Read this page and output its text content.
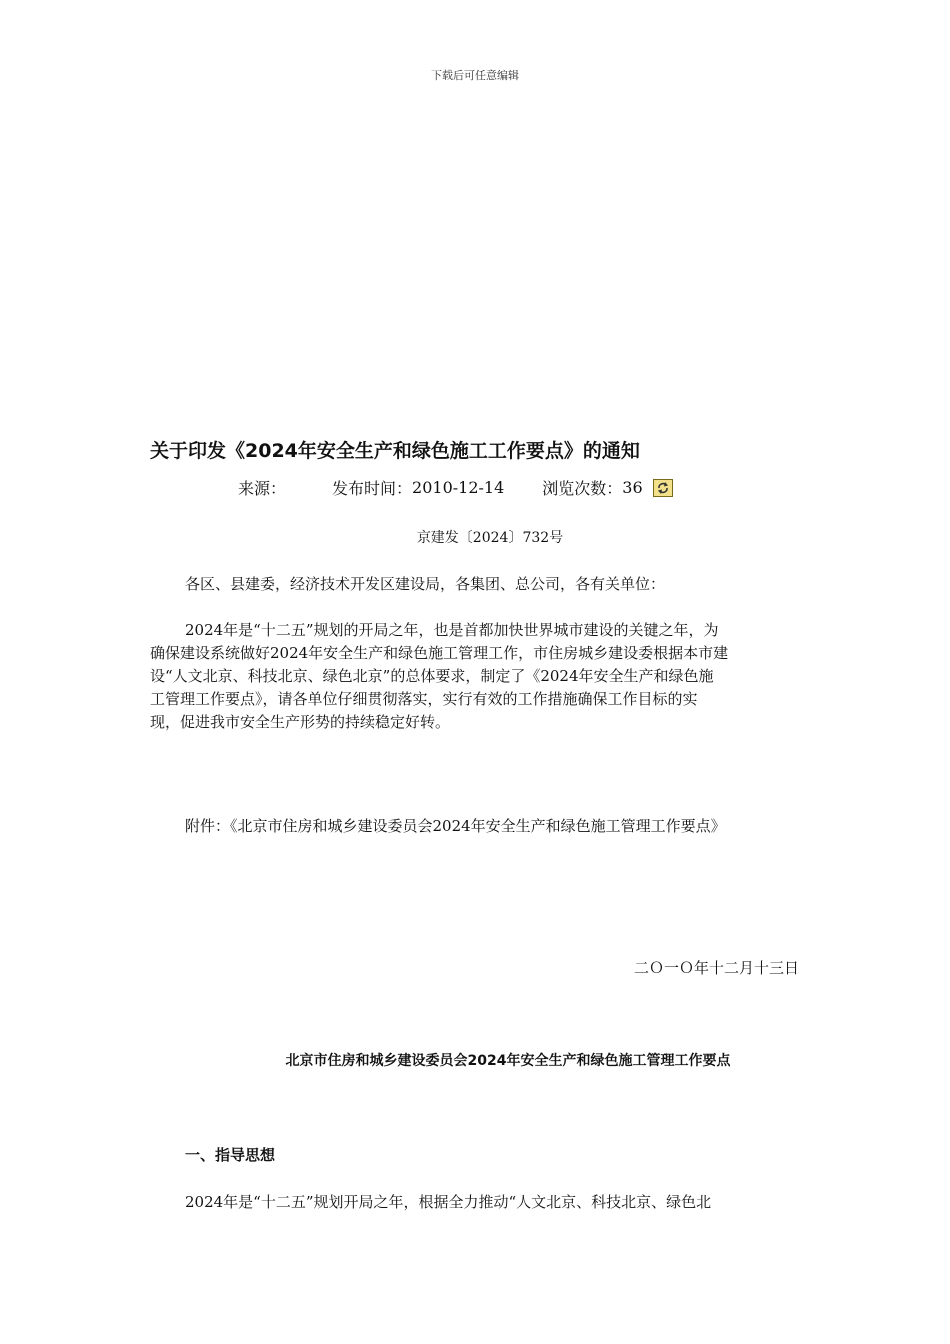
下载后可任意编辑
关于印发《2024年安全生产和绿色施工工作要点》的通知
来源：	发布时间： 2010-12-14 浏览次数： 36
京建发〔2024〕732号
各区、县建委，经济技术开发区建设局，各集团、总公司，各有关单位：
2024年是“十二五”规划的开局之年，也是首都加快世界城市建设的关键之年，为
确保建设系统做好2024年安全生产和绿色施工管理工作，市住房城乡建设委根据本市建
设“人文北京、科技北京、绿色北京”的总体要求，制定了《2024年安全生产和绿色施
工管理工作要点》，请各单位仔细贯彻落实，实行有效的工作措施确保工作目标的实
现，促进我市安全生产形势的持续稳定好转。
附件：《北京市住房和城乡建设委员会2024年安全生产和绿色施工管理工作要点》
二Ｏ一Ｏ年十二月十三日
北京市住房和城乡建设委员会2024年安全生产和绿色施工管理工作要点
一、指导思想
2024年是“十二五”规划开局之年，根据全力推动“人文北京、科技北京、绿色北
